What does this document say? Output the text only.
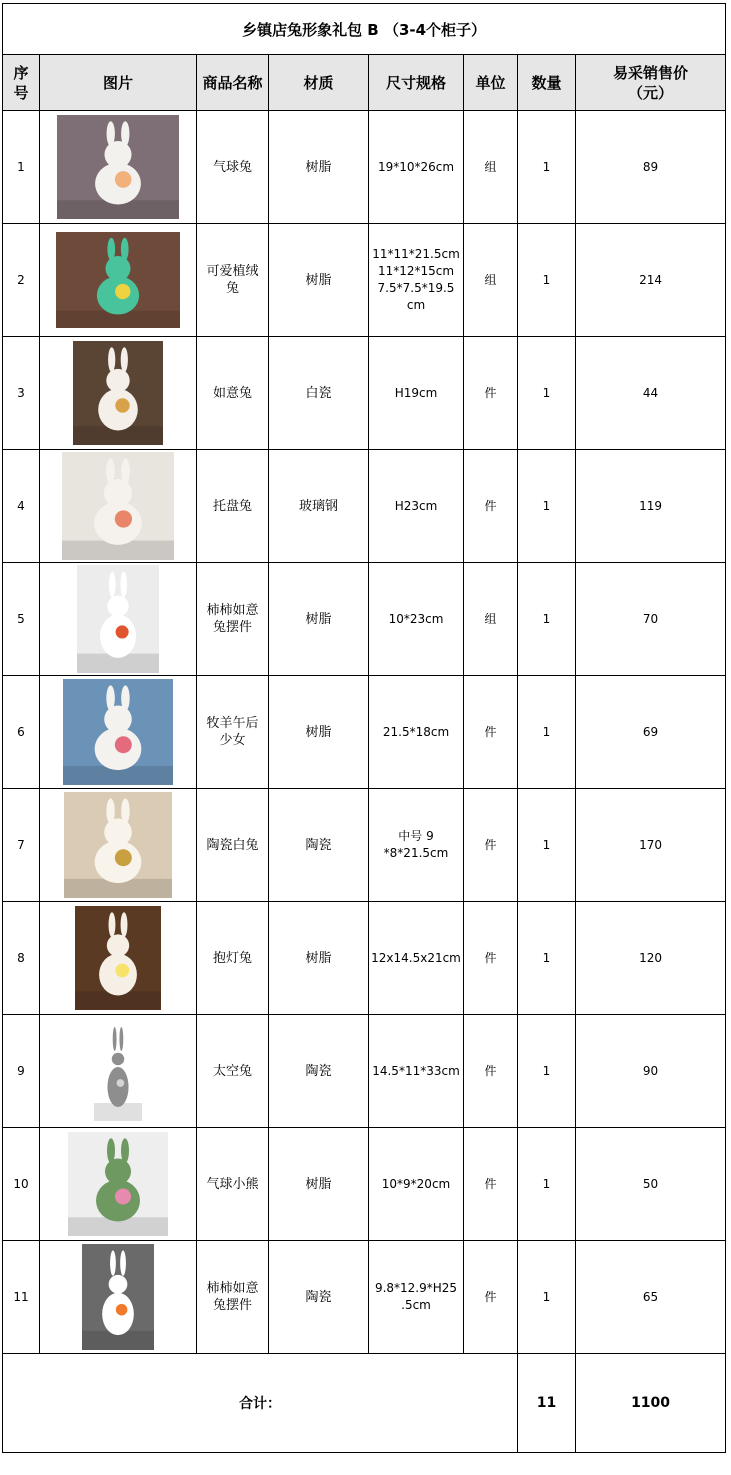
乡镇店兔形象礼包 B （3-4个柜子）							
序
号	图片	商品名称	材质	尺寸规格	单位	数量	易采销售价
（元）
1		气球兔	树脂	19*10*26cm	组	1	89
2		可爱植绒
兔	树脂	11*11*21.5cm
11*12*15cm
7.5*7.5*19.5
cm	组	1	214
3		如意兔	白瓷	H19cm	件	1	44
4		托盘兔	玻璃钢	H23cm	件	1	119
5		柿柿如意
兔摆件	树脂	10*23cm	组	1	70
6		牧羊午后
少女	树脂	21.5*18cm	件	1	69
7		陶瓷白兔	陶瓷	中号 9
*8*21.5cm	件	1	170
8		抱灯兔	树脂	12x14.5x21cm	件	1	120
9		太空兔	陶瓷	14.5*11*33cm	件	1	90
10		气球小熊	树脂	10*9*20cm	件	1	50
11		柿柿如意
兔摆件	陶瓷	9.8*12.9*H25
.5cm	件	1	65
合计：						11	1100
